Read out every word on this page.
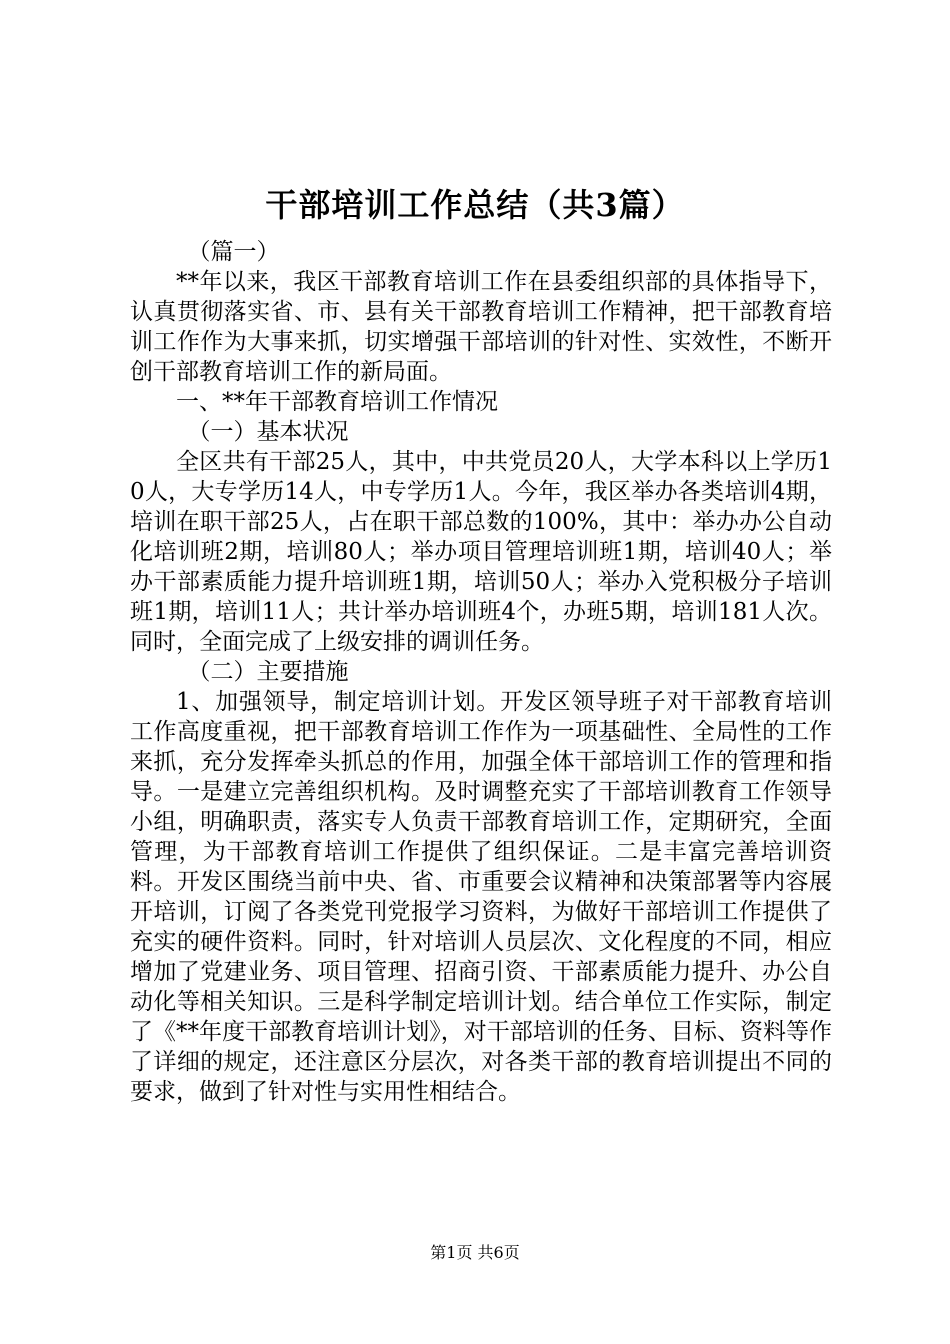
干部培训工作总结（共3篇）

（篇一）

**年以来，我区干部教育培训工作在县委组织部的具体指导下，认真贯彻落实省、市、县有关干部教育培训工作精神，把干部教育培训工作作为大事来抓，切实增强干部培训的针对性、实效性，不断开创干部教育培训工作的新局面。

一、**年干部教育培训工作情况

（一）基本状况

全区共有干部25人，其中，中共党员20人，大学本科以上学历10人，大专学历14人，中专学历1人。今年，我区举办各类培训4期，培训在职干部25人，占在职干部总数的100%，其中：举办办公自动化培训班2期，培训80人；举办项目管理培训班1期，培训40人；举办干部素质能力提升培训班1期，培训50人；举办入党积极分子培训班1期，培训11人；共计举办培训班4个，办班5期，培训181人次。同时，全面完成了上级安排的调训任务。

（二）主要措施

1、加强领导，制定培训计划。开发区领导班子对干部教育培训工作高度重视，把干部教育培训工作作为一项基础性、全局性的工作来抓，充分发挥牵头抓总的作用，加强全体干部培训工作的管理和指导。一是建立完善组织机构。及时调整充实了干部培训教育工作领导小组，明确职责，落实专人负责干部教育培训工作，定期研究，全面管理，为干部教育培训工作提供了组织保证。二是丰富完善培训资料。开发区围绕当前中央、省、市重要会议精神和决策部署等内容展开培训，订阅了各类党刊党报学习资料，为做好干部培训工作提供了充实的硬件资料。同时，针对培训人员层次、文化程度的不同，相应增加了党建业务、项目管理、招商引资、干部素质能力提升、办公自动化等相关知识。三是科学制定培训计划。结合单位工作实际，制定了《**年度干部教育培训计划》，对干部培训的任务、目标、资料等作了详细的规定，还注意区分层次，对各类干部的教育培训提出不同的要求，做到了针对性与实用性相结合。

第1页 共6页
